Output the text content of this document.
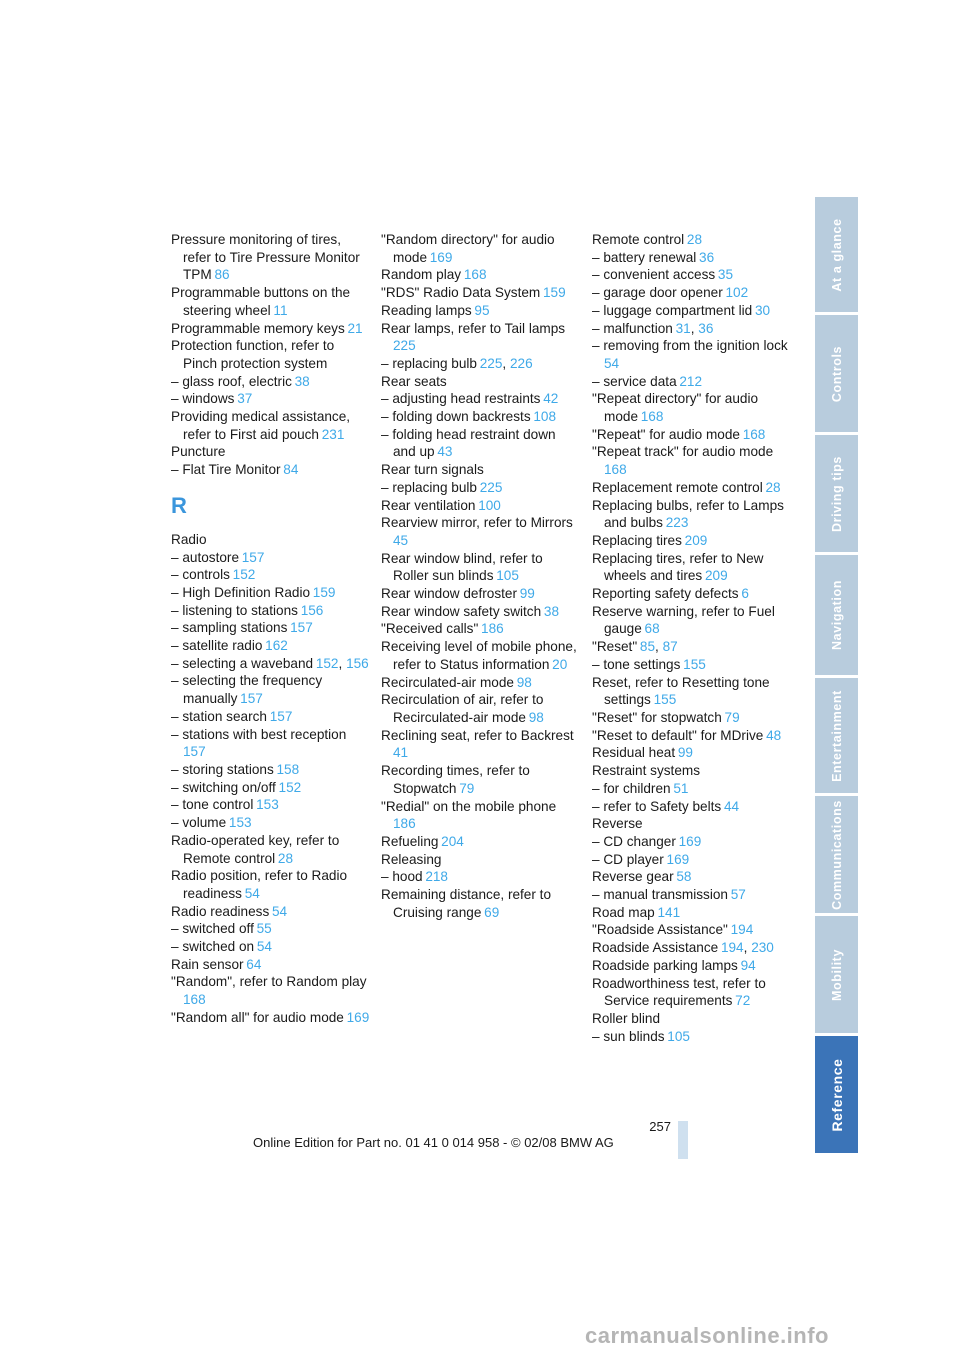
Pressure monitoring of tires, refer to Tire Pressure Monitor TPM  86
Programmable buttons on the steering wheel  11
Programmable memory keys  21
Protection function, refer to Pinch protection system
– glass roof, electric  38
– windows  37
Providing medical assistance, refer to First aid pouch  231
Puncture
– Flat Tire Monitor  84
R
Radio
– autostore  157
– controls  152
– High Definition Radio  159
– listening to stations  156
– sampling stations  157
– satellite radio  162
– selecting a waveband  152, 156
– selecting the frequency manually  157
– station search  157
– stations with best reception 157
– storing stations  158
– switching on/off  152
– tone control  153
– volume  153
Radio-operated key, refer to Remote control  28
Radio position, refer to Radio readiness  54
Radio readiness  54
– switched off  55
– switched on  54
Rain sensor  64
"Random", refer to Random play 168
"Random all" for audio mode  169
"Random directory" for audio mode  169
Random play  168
"RDS" Radio Data System  159
Reading lamps  95
Rear lamps, refer to Tail lamps 225
– replacing bulb  225, 226
Rear seats
– adjusting head restraints  42
– folding down backrests  108
– folding head restraint down and up  43
Rear turn signals
– replacing bulb  225
Rear ventilation  100
Rearview mirror, refer to Mirrors 45
Rear window blind, refer to Roller sun blinds  105
Rear window defroster  99
Rear window safety switch  38
"Received calls"  186
Receiving level of mobile phone, refer to Status information  20
Recirculated-air mode  98
Recirculation of air, refer to Recirculated-air mode  98
Reclining seat, refer to Backrest 41
Recording times, refer to Stopwatch  79
"Redial" on the mobile phone 186
Refueling  204
Releasing
– hood  218
Remaining distance, refer to Cruising range  69
Remote control  28
– battery renewal  36
– convenient access  35
– garage door opener  102
– luggage compartment lid  30
– malfunction  31, 36
– removing from the ignition lock 54
– service data  212
"Repeat directory" for audio mode  168
"Repeat" for audio mode  168
"Repeat track" for audio mode 168
Replacement remote control  28
Replacing bulbs, refer to Lamps and bulbs  223
Replacing tires  209
Replacing tires, refer to New wheels and tires  209
Reporting safety defects  6
Reserve warning, refer to Fuel gauge  68
"Reset"  85, 87
– tone settings  155
Reset, refer to Resetting tone settings  155
"Reset" for stopwatch  79
"Reset to default" for MDrive  48
Residual heat  99
Restraint systems
– for children  51
– refer to Safety belts  44
Reverse
– CD changer  169
– CD player  169
Reverse gear  58
– manual transmission  57
Road map  141
"Roadside Assistance"  194
Roadside Assistance  194, 230
Roadside parking lamps  94
Roadworthiness test, refer to Service requirements  72
Roller blind
– sun blinds  105
At a glance
Controls
Driving tips
Navigation
Entertainment
Communications
Mobility
Reference
257
Online Edition for Part no. 01 41 0 014 958 - © 02/08 BMW AG
carmanualsonline.info
